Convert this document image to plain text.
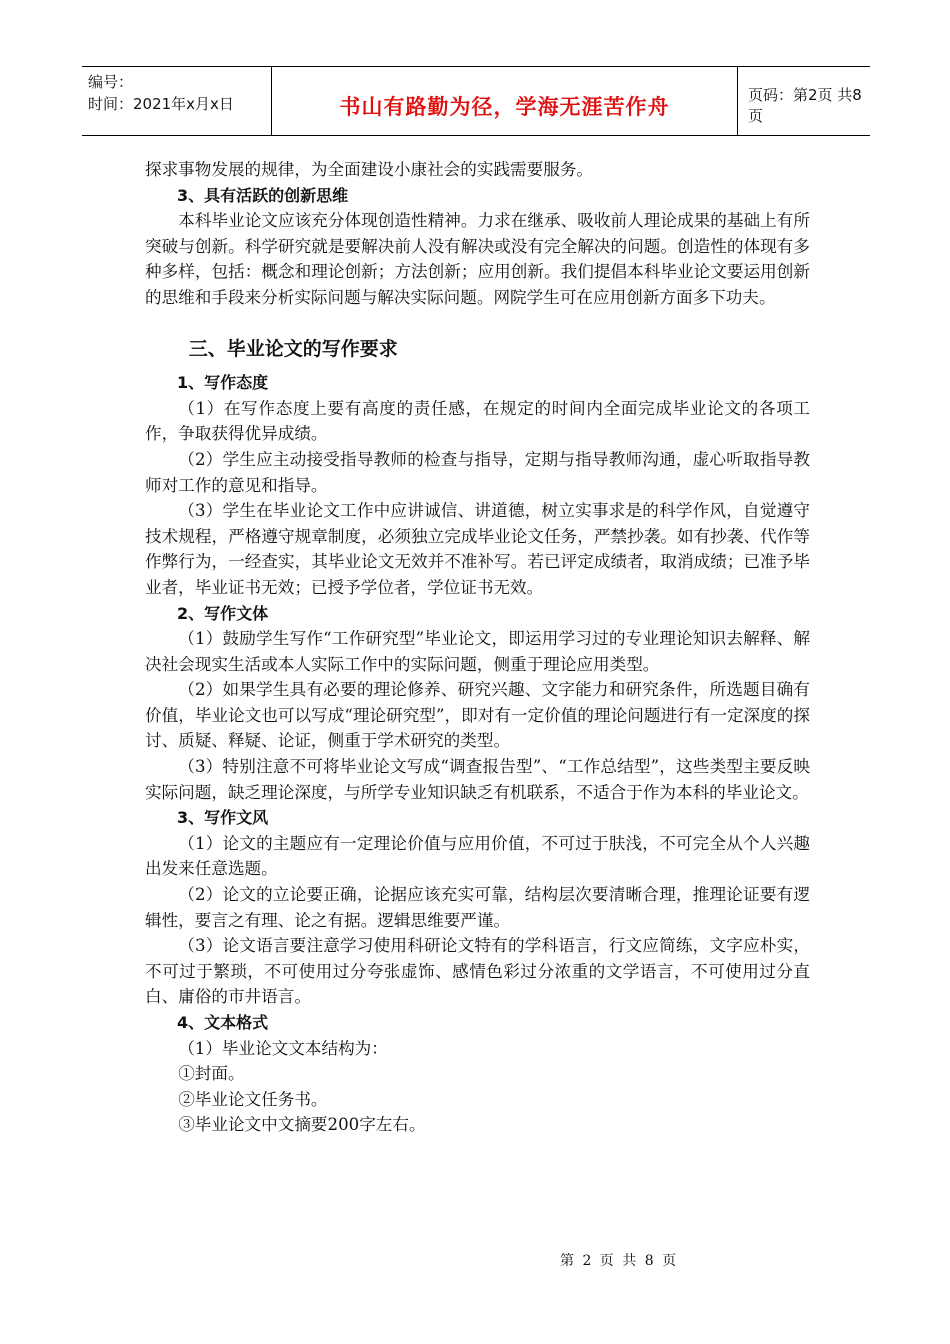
编号：
时间：2021年x月x日	书山有路勤为径，学海无涯苦作舟	页码：第2页 共8页

探求事物发展的规律，为全面建设小康社会的实践需要服务。

3、具有活跃的创新思维

本科毕业论文应该充分体现创造性精神。力求在继承、吸收前人理论成果的基础上有所突破与创新。科学研究就是要解决前人没有解决或没有完全解决的问题。创造性的体现有多种多样，包括：概念和理论创新；方法创新；应用创新。我们提倡本科毕业论文要运用创新的思维和手段来分析实际问题与解决实际问题。网院学生可在应用创新方面多下功夫。

三、毕业论文的写作要求

1、写作态度

（1）在写作态度上要有高度的责任感，在规定的时间内全面完成毕业论文的各项工作，争取获得优异成绩。

（2）学生应主动接受指导教师的检查与指导，定期与指导教师沟通，虚心听取指导教师对工作的意见和指导。

（3）学生在毕业论文工作中应讲诚信、讲道德，树立实事求是的科学作风，自觉遵守技术规程，严格遵守规章制度，必须独立完成毕业论文任务，严禁抄袭。如有抄袭、代作等作弊行为，一经查实，其毕业论文无效并不准补写。若已评定成绩者，取消成绩；已准予毕业者，毕业证书无效；已授予学位者，学位证书无效。

2、写作文体

（1）鼓励学生写作“工作研究型”毕业论文，即运用学习过的专业理论知识去解释、解决社会现实生活或本人实际工作中的实际问题，侧重于理论应用类型。

（2）如果学生具有必要的理论修养、研究兴趣、文字能力和研究条件，所选题目确有价值，毕业论文也可以写成“理论研究型”，即对有一定价值的理论问题进行有一定深度的探讨、质疑、释疑、论证，侧重于学术研究的类型。

（3）特别注意不可将毕业论文写成“调查报告型”、“工作总结型”，这些类型主要反映实际问题，缺乏理论深度，与所学专业知识缺乏有机联系，不适合于作为本科的毕业论文。

3、写作文风

（1）论文的主题应有一定理论价值与应用价值，不可过于肤浅，不可完全从个人兴趣出发来任意选题。

（2）论文的立论要正确，论据应该充实可靠，结构层次要清晰合理，推理论证要有逻辑性，要言之有理、论之有据。逻辑思维要严谨。

（3）论文语言要注意学习使用科研论文特有的学科语言，行文应简练，文字应朴实，不可过于繁琐，不可使用过分夸张虚饰、感情色彩过分浓重的文学语言，不可使用过分直白、庸俗的市井语言。

4、文本格式

（1）毕业论文文本结构为：

①封面。

②毕业论文任务书。

③毕业论文中文摘要200字左右。

第 2 页 共 8 页
